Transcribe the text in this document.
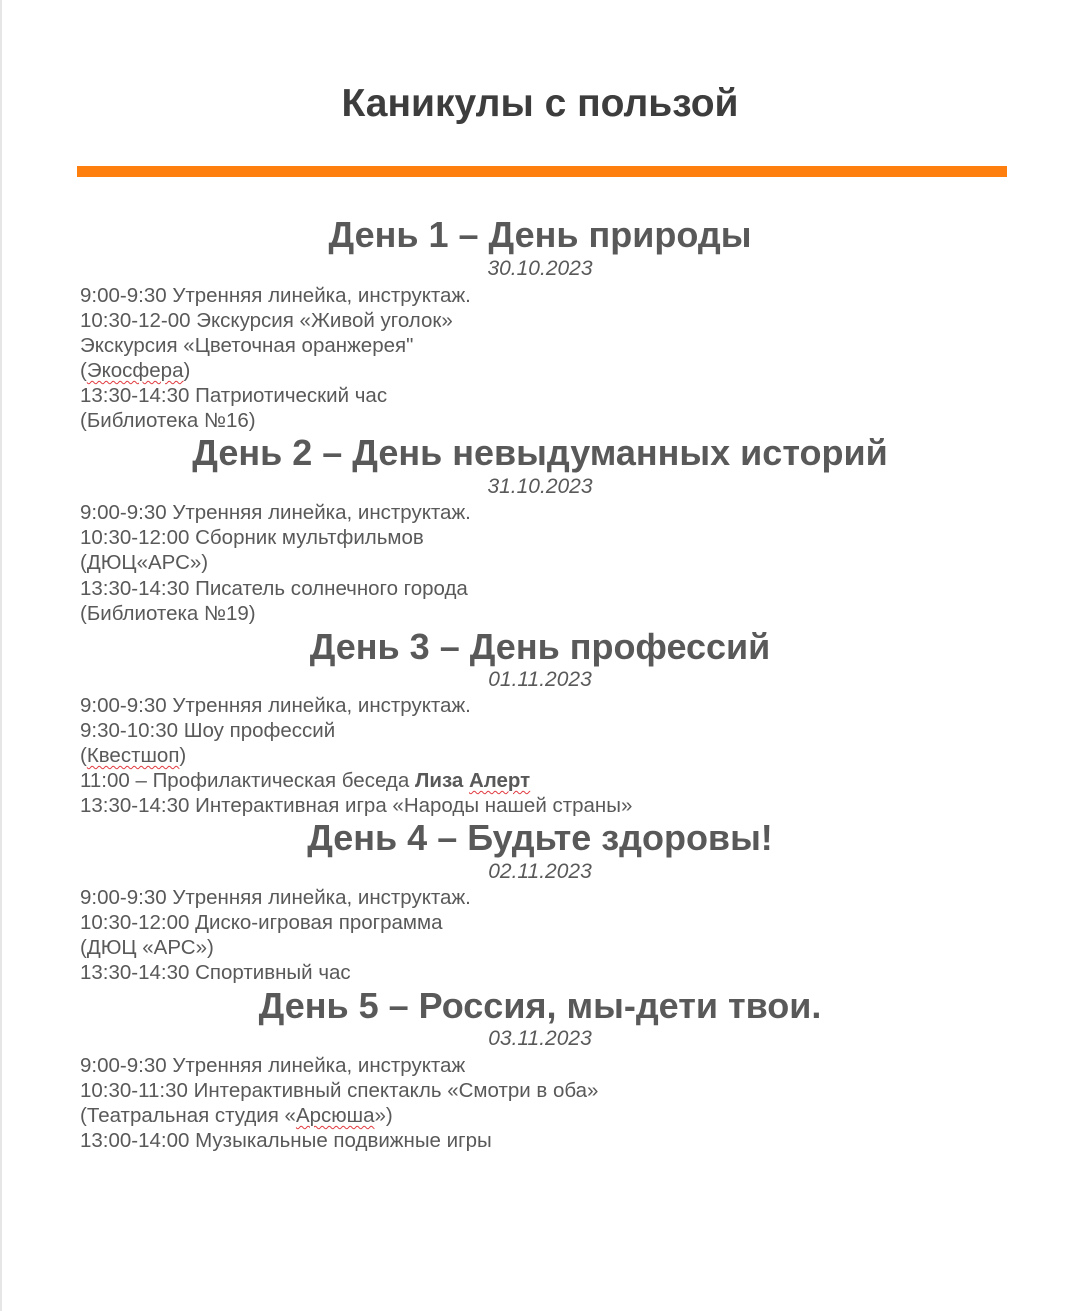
Каникулы с пользой
День 1 – День природы
30.10.2023
9:00-9:30 Утренняя линейка, инструктаж.
10:30-12-00 Экскурсия «Живой уголок»
Экскурсия «Цветочная оранжерея"
(Экосфера)
13:30-14:30 Патриотический час
(Библиотека №16)
День 2 – День невыдуманных историй
31.10.2023
9:00-9:30 Утренняя линейка, инструктаж.
10:30-12:00 Сборник мультфильмов
(ДЮЦ«АРС»)
13:30-14:30 Писатель солнечного города
(Библиотека №19)
День 3 – День профессий
01.11.2023
9:00-9:30 Утренняя линейка, инструктаж.
9:30-10:30 Шоу профессий
(Квестшоп)
11:00 – Профилактическая беседа Лиза Алерт
13:30-14:30 Интерактивная игра «Народы нашей страны»
День 4 – Будьте здоровы!
02.11.2023
9:00-9:30 Утренняя линейка, инструктаж.
10:30-12:00 Диско-игровая программа
(ДЮЦ «АРС»)
13:30-14:30 Спортивный час
День 5 – Россия, мы-дети твои.
03.11.2023
9:00-9:30 Утренняя линейка, инструктаж
10:30-11:30 Интерактивный спектакль «Смотри в оба»
(Театральная студия «Арсюша»)
13:00-14:00 Музыкальные подвижные игры
